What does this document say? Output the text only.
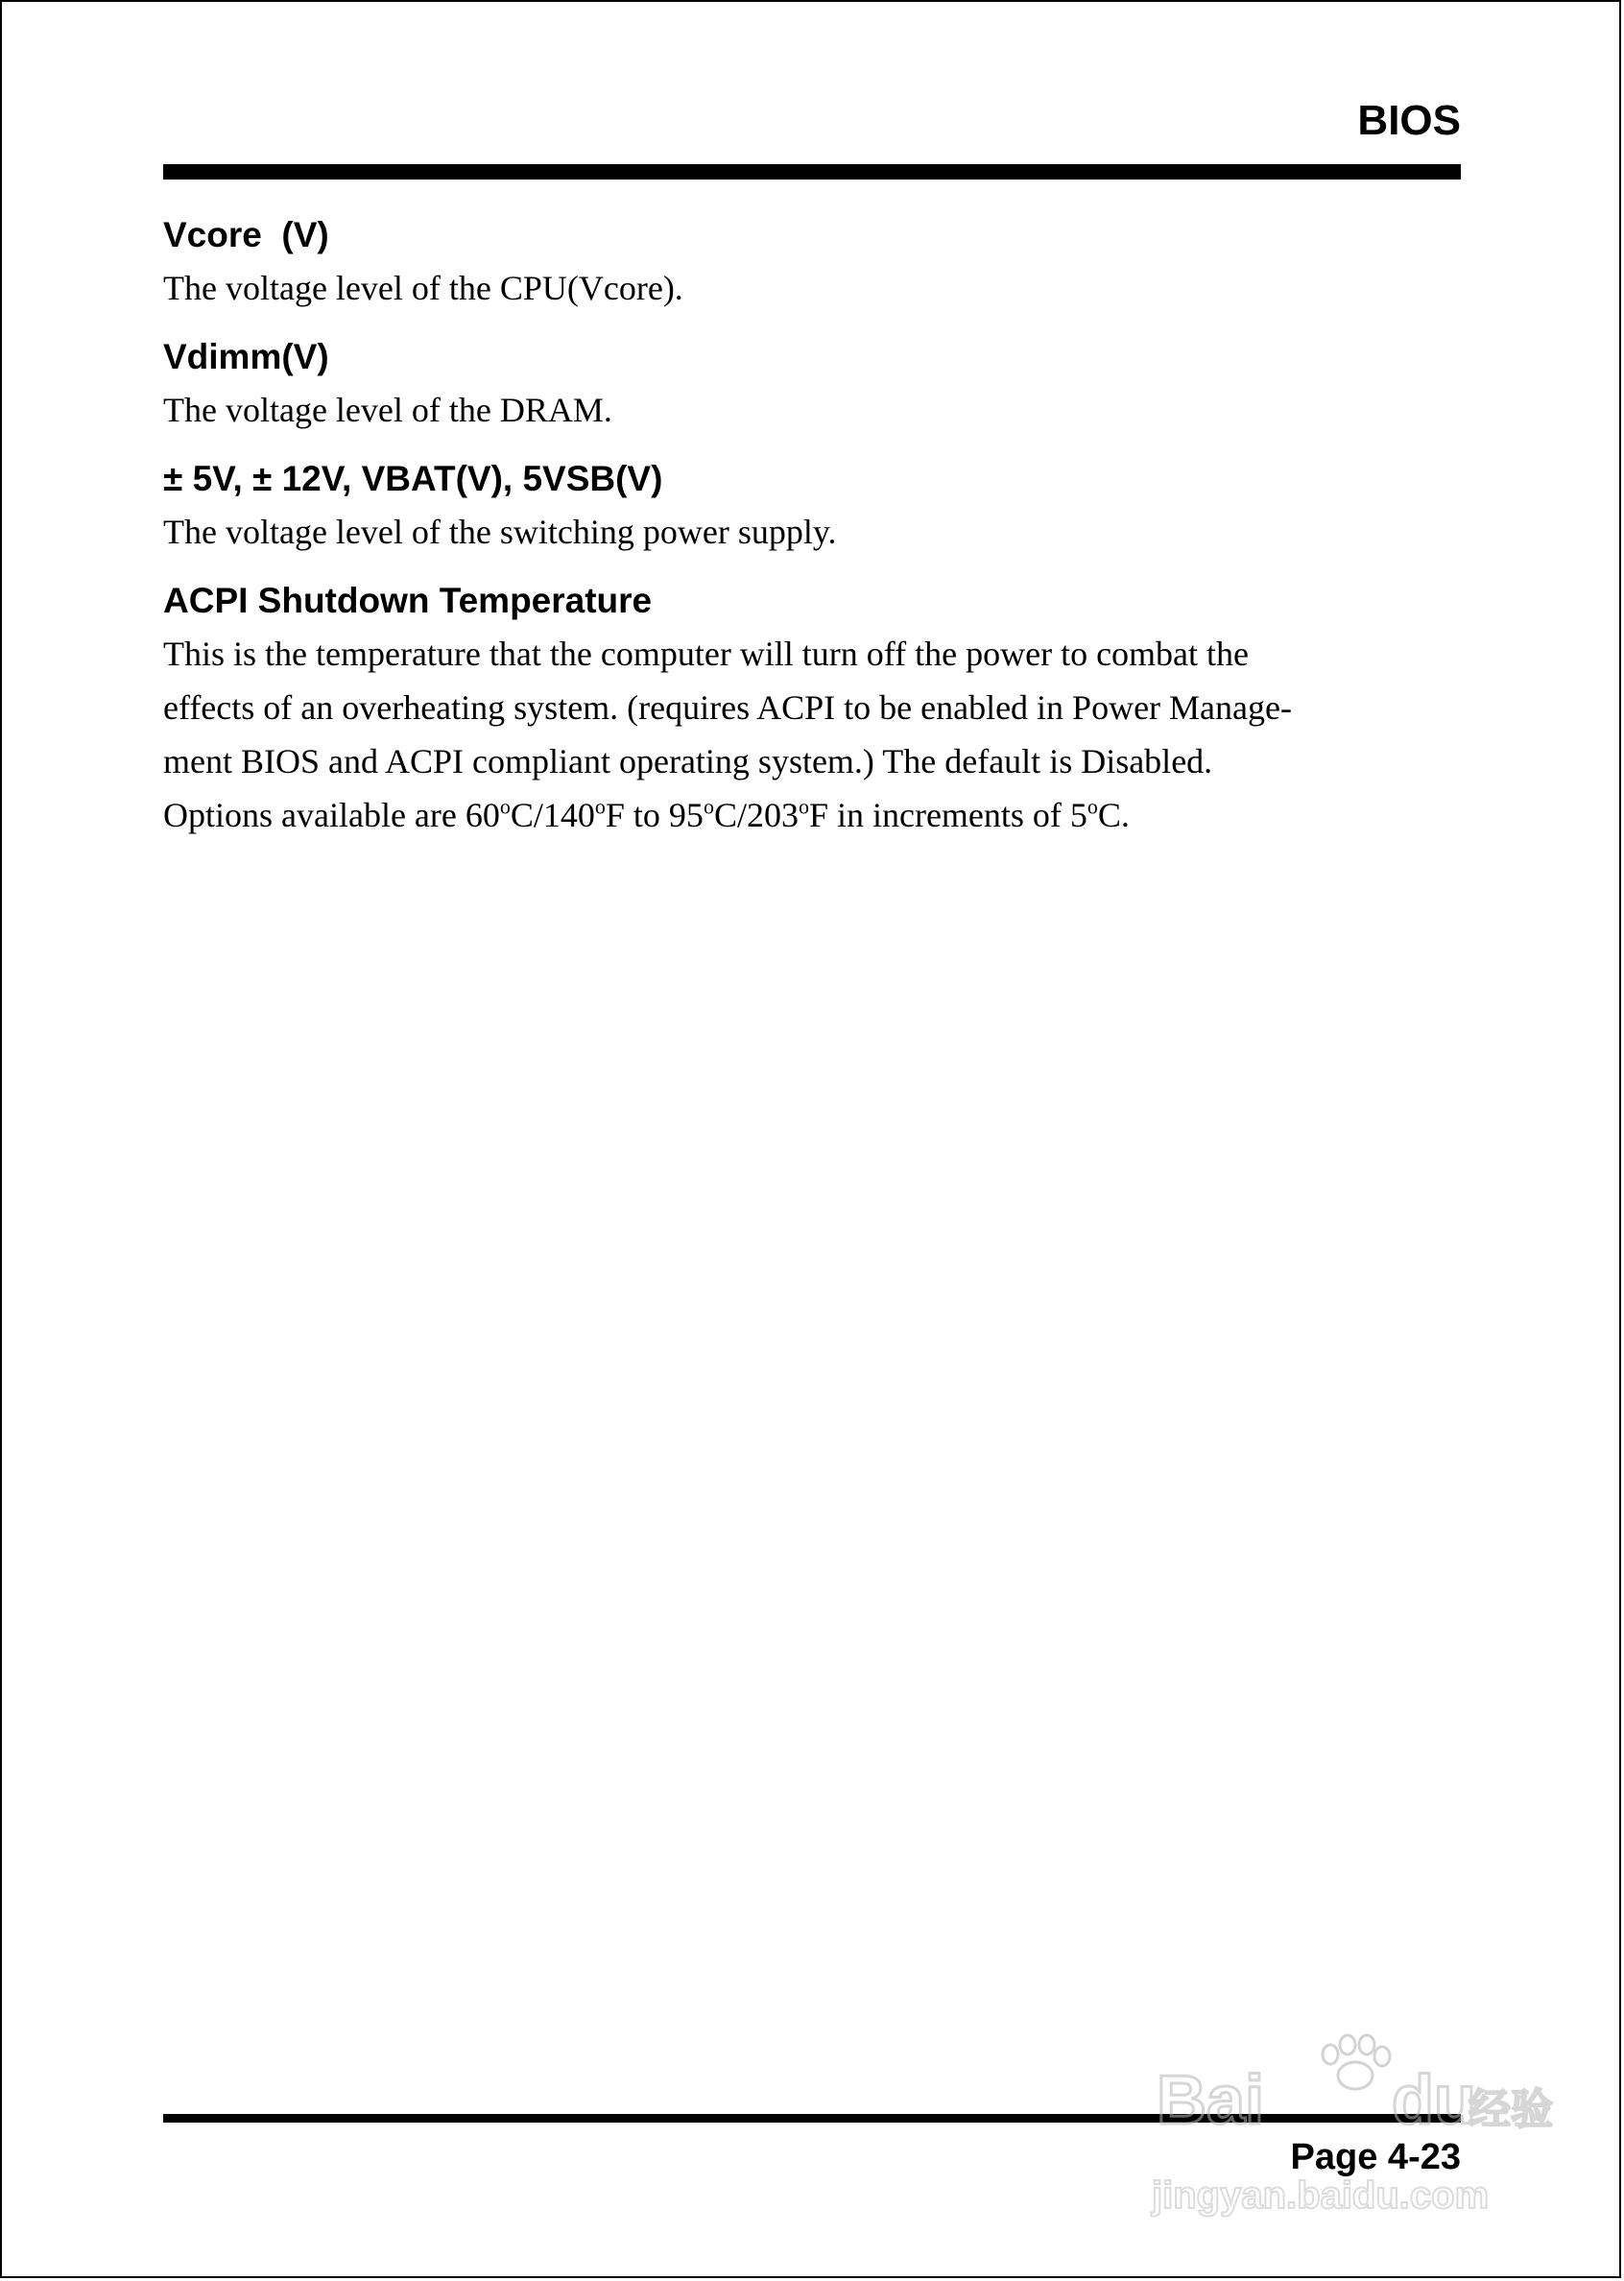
BIOS

Vcore  (V)

The voltage level of the CPU(Vcore).

Vdimm(V)

The voltage level of the DRAM.

± 5V, ± 12V, VBAT(V), 5VSB(V)

The voltage level of the switching power supply.

ACPI Shutdown Temperature

This is the temperature that the computer will turn off the power to combat the
effects of an overheating system. (requires ACPI to be enabled in Power Manage-
ment BIOS and ACPI compliant operating system.) The default is Disabled.

Options available are 60$^o$C/140$^o$F to 95$^o$C/203$^o$F in increments of 5$^o$C.

Page 4-23

Bai du
经验
jingyan.baidu.com
